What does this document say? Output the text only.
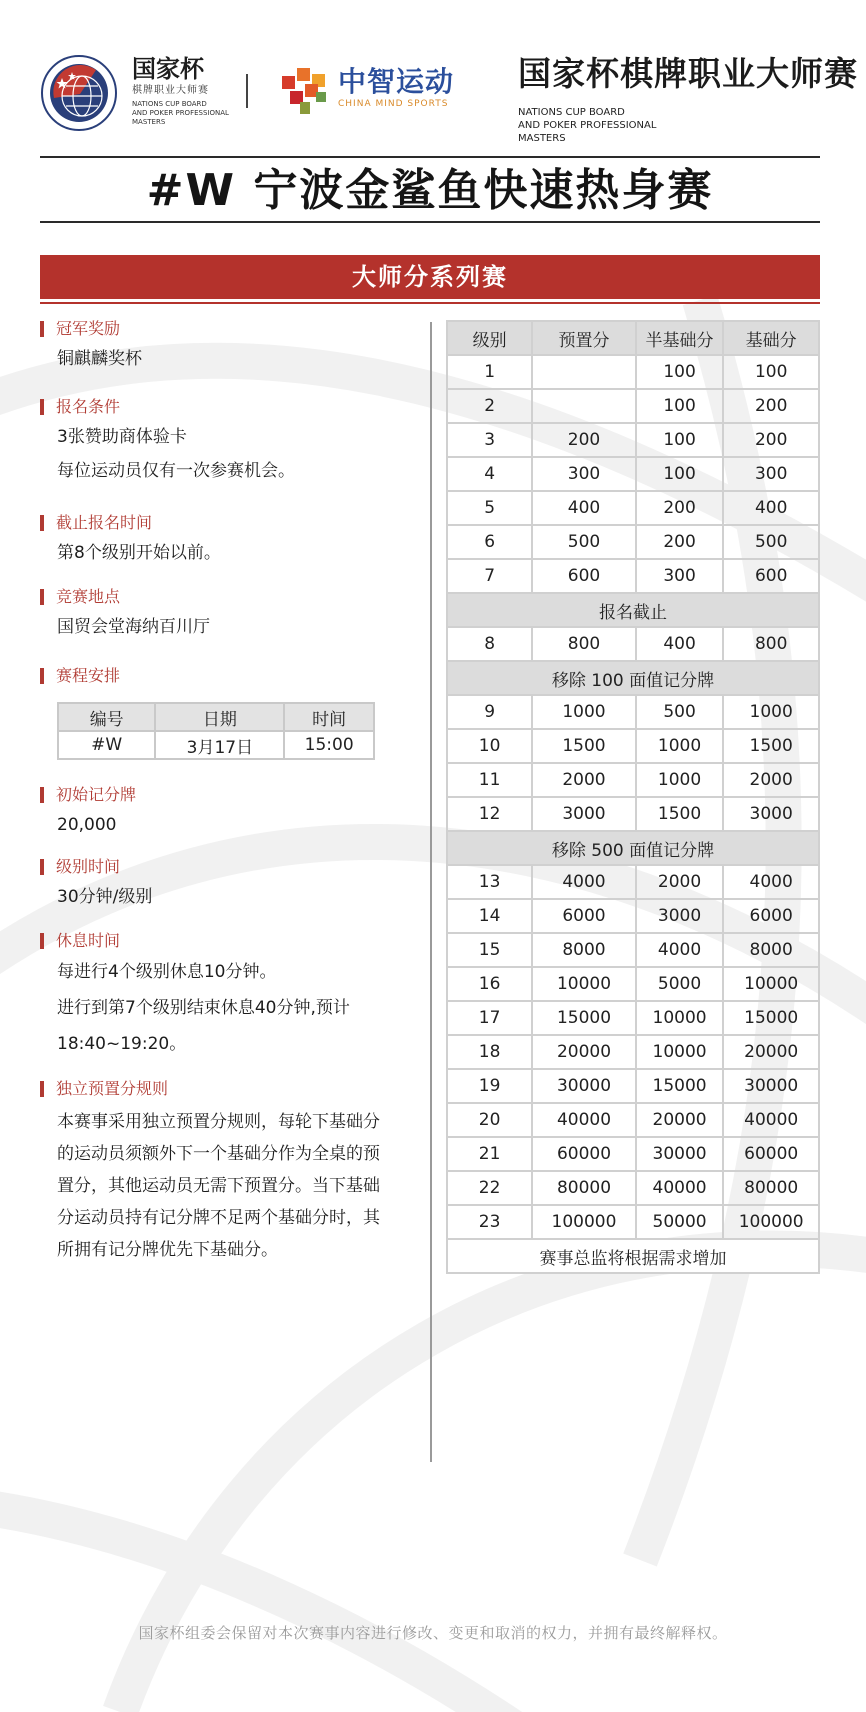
国家杯
棋牌职业大师赛
NATIONS CUP BOARD
AND POKER PROFESSIONAL
MASTERS
中智运动
CHINA MIND SPORTS
国家杯棋牌职业大师赛
NATIONS CUP BOARD
AND POKER PROFESSIONAL
MASTERS
#W 宁波金鲨鱼快速热身赛
大师分系列赛
冠军奖励
铜麒麟奖杯
报名条件
3张赞助商体验卡
每位运动员仅有一次参赛机会。
截止报名时间
第8个级别开始以前。
竞赛地点
国贸会堂海纳百川厅
赛程安排
编号	日期	时间
#W	3月17日	15:00
初始记分牌
20,000
级别时间
30分钟/级别
休息时间
每进行4个级别休息10分钟。
进行到第7个级别结束休息40分钟,预计
18:40~19:20。
独立预置分规则
本赛事采用独立预置分规则，每轮下基础分
的运动员须额外下一个基础分作为全桌的预
置分，其他运动员无需下预置分。当下基础
分运动员持有记分牌不足两个基础分时，其
所拥有记分牌优先下基础分。
级别	预置分	半基础分	基础分
1		100	100
2		100	200
3	200	100	200
4	300	100	300
5	400	200	400
6	500	200	500
7	600	300	600
报名截止			
8	800	400	800
移除 100 面值记分牌			
9	1000	500	1000
10	1500	1000	1500
11	2000	1000	2000
12	3000	1500	3000
移除 500 面值记分牌			
13	4000	2000	4000
14	6000	3000	6000
15	8000	4000	8000
16	10000	5000	10000
17	15000	10000	15000
18	20000	10000	20000
19	30000	15000	30000
20	40000	20000	40000
21	60000	30000	60000
22	80000	40000	80000
23	100000	50000	100000
赛事总监将根据需求增加			
国家杯组委会保留对本次赛事内容进行修改、变更和取消的权力，并拥有最终解释权。
